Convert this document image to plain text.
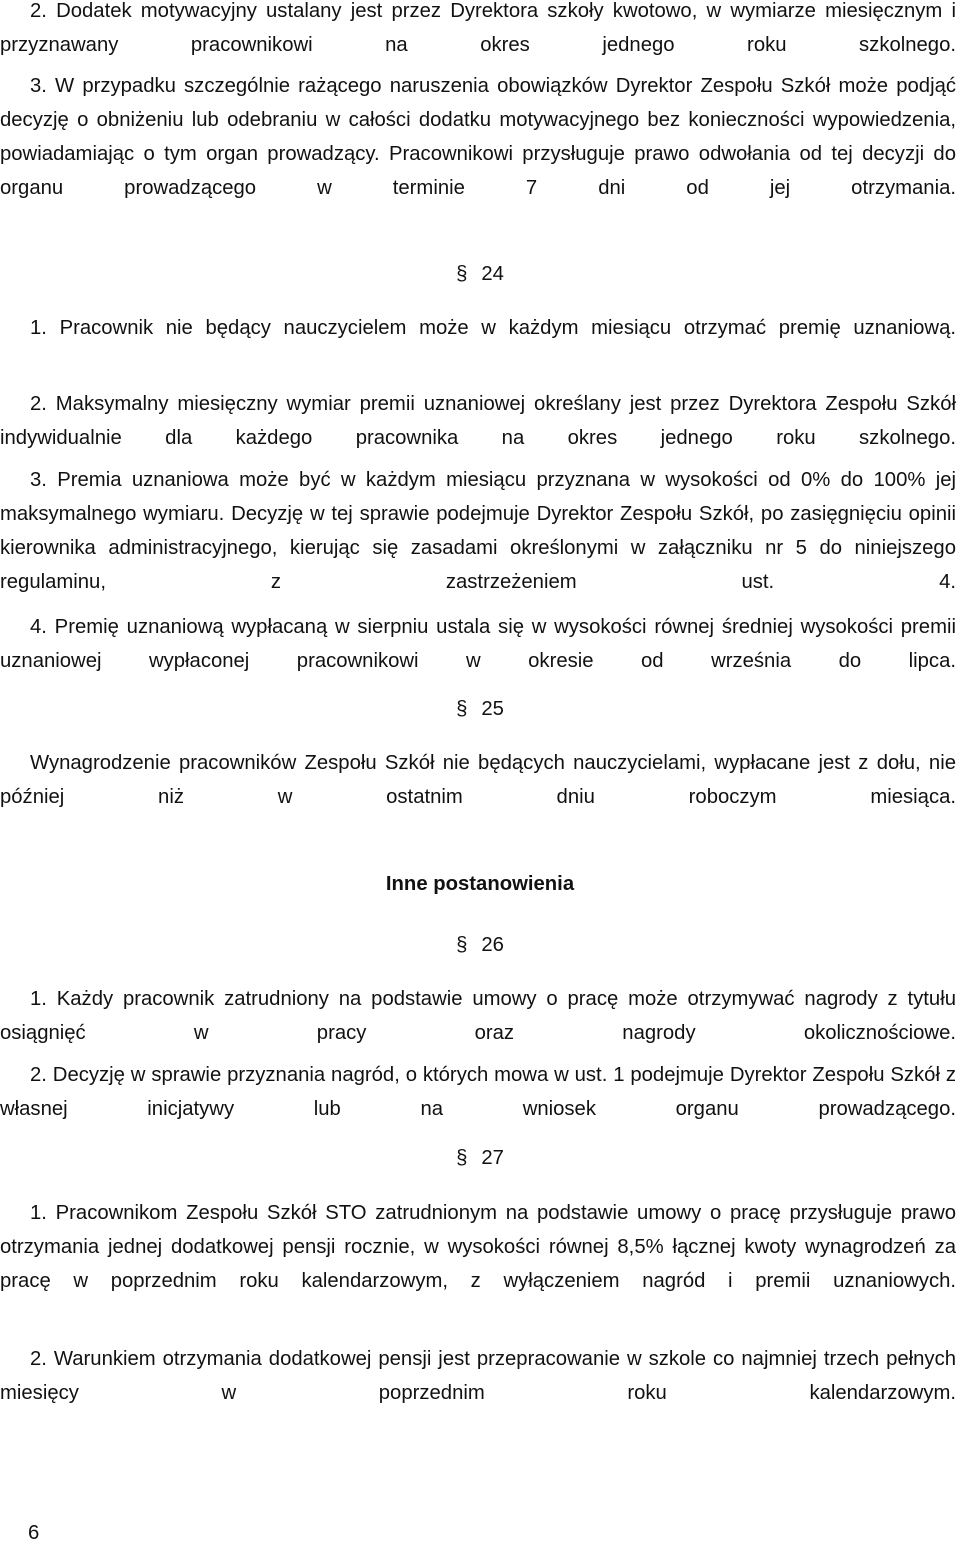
2. Dodatek motywacyjny ustalany jest przez Dyrektora szkoły kwotowo, w wymiarze miesięcznym i przyznawany pracownikowi na okres jednego roku szkolnego.

3. W przypadku szczególnie rażącego naruszenia obowiązków Dyrektor Zespołu Szkół może podjąć decyzję o obniżeniu lub odebraniu w całości dodatku motywacyjnego bez konieczności wypowiedzenia, powiadamiając o tym organ prowadzący. Pracownikowi przysługuje prawo odwołania od tej decyzji do organu prowadzącego w terminie 7 dni od jej otrzymania.

§ 24

1. Pracownik nie będący nauczycielem może w każdym miesiącu otrzymać premię uznaniową.

2. Maksymalny miesięczny wymiar premii uznaniowej określany jest przez Dyrektora Zespołu Szkół indywidualnie dla każdego pracownika na okres jednego roku szkolnego.

3. Premia uznaniowa może być w każdym miesiącu przyznana w wysokości od 0% do 100% jej maksymalnego wymiaru. Decyzję w tej sprawie podejmuje Dyrektor Zespołu Szkół, po zasięgnięciu opinii kierownika administracyjnego, kierując się zasadami określonymi w załączniku nr 5 do niniejszego regulaminu, z zastrzeżeniem ust. 4.

4. Premię uznaniową wypłacaną w sierpniu ustala się w wysokości równej średniej wysokości premii uznaniowej wypłaconej pracownikowi w okresie od września do lipca.

§ 25

Wynagrodzenie pracowników Zespołu Szkół nie będących nauczycielami, wypłacane jest z dołu, nie później niż w ostatnim dniu roboczym miesiąca.

Inne postanowienia

§ 26

1. Każdy pracownik zatrudniony na podstawie umowy o pracę może otrzymywać nagrody z tytułu osiągnięć w pracy oraz nagrody okolicznościowe.

2. Decyzję w sprawie przyznania nagród, o których mowa w ust. 1 podejmuje Dyrektor Zespołu Szkół z własnej inicjatywy lub na wniosek organu prowadzącego.

§ 27

1. Pracownikom Zespołu Szkół STO zatrudnionym na podstawie umowy o pracę przysługuje prawo otrzymania jednej dodatkowej pensji rocznie, w wysokości równej 8,5% łącznej kwoty wynagrodzeń za pracę w poprzednim roku kalendarzowym, z wyłączeniem nagród i premii uznaniowych.

2. Warunkiem otrzymania dodatkowej pensji jest przepracowanie w szkole co najmniej trzech pełnych miesięcy w poprzednim roku kalendarzowym.

6
